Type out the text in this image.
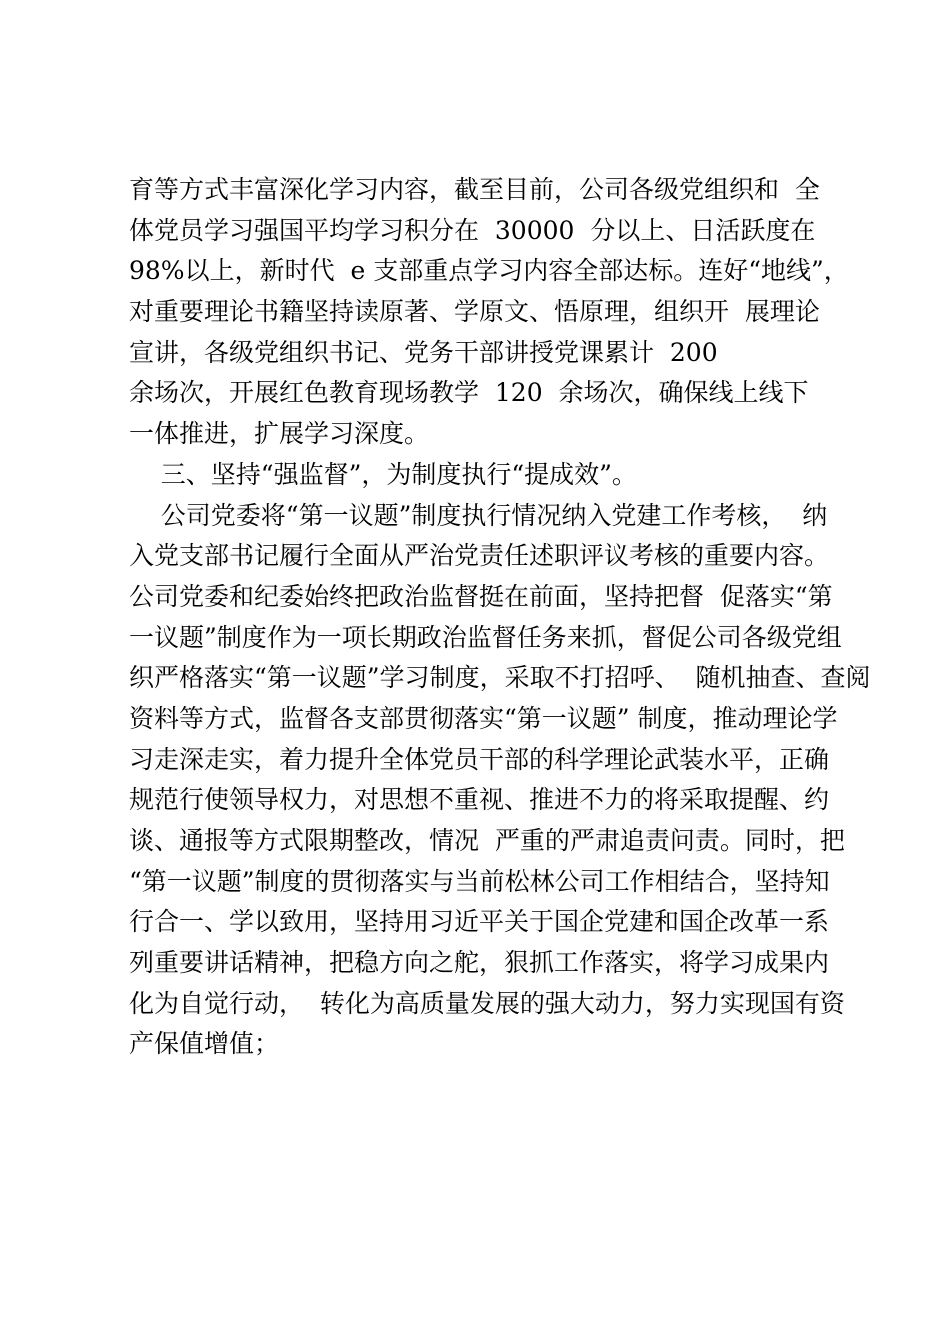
育等方式丰富深化学习内容，截至目前，公司各级党组织和  全

体党员学习强国平均学习积分在  30000  分以上、日活跃度在

98%以上，新时代  e 支部重点学习内容全部达标。连好“地线”，

对重要理论书籍坚持读原著、学原文、悟原理，组织开  展理论

宣讲，各级党组织书记、党务干部讲授党课累计  200

余场次，开展红色教育现场教学  120  余场次，确保线上线下

一体推进，扩展学习深度。

三、坚持“强监督”，为制度执行“提成效”。

公司党委将“第一议题”制度执行情况纳入党建工作考核，  纳

入党支部书记履行全面从严治党责任述职评议考核的重要内容。

公司党委和纪委始终把政治监督挺在前面，坚持把督  促落实“第

一议题”制度作为一项长期政治监督任务来抓，督促公司各级党组

织严格落实“第一议题”学习制度，采取不打招呼、  随机抽查、查阅

资料等方式，监督各支部贯彻落实“第一议题” 制度，推动理论学

习走深走实，着力提升全体党员干部的科学理论武装水平，正确

规范行使领导权力，对思想不重视、推进不力的将采取提醒、约

谈、通报等方式限期整改，情况  严重的严肃追责问责。同时，把

“第一议题”制度的贯彻落实与当前松林公司工作相结合，坚持知

行合一、学以致用，坚持用习近平关于国企党建和国企改革一系

列重要讲话精神，把稳方向之舵，狠抓工作落实，将学习成果内

化为自觉行动，  转化为高质量发展的强大动力，努力实现国有资

产保值增值；
